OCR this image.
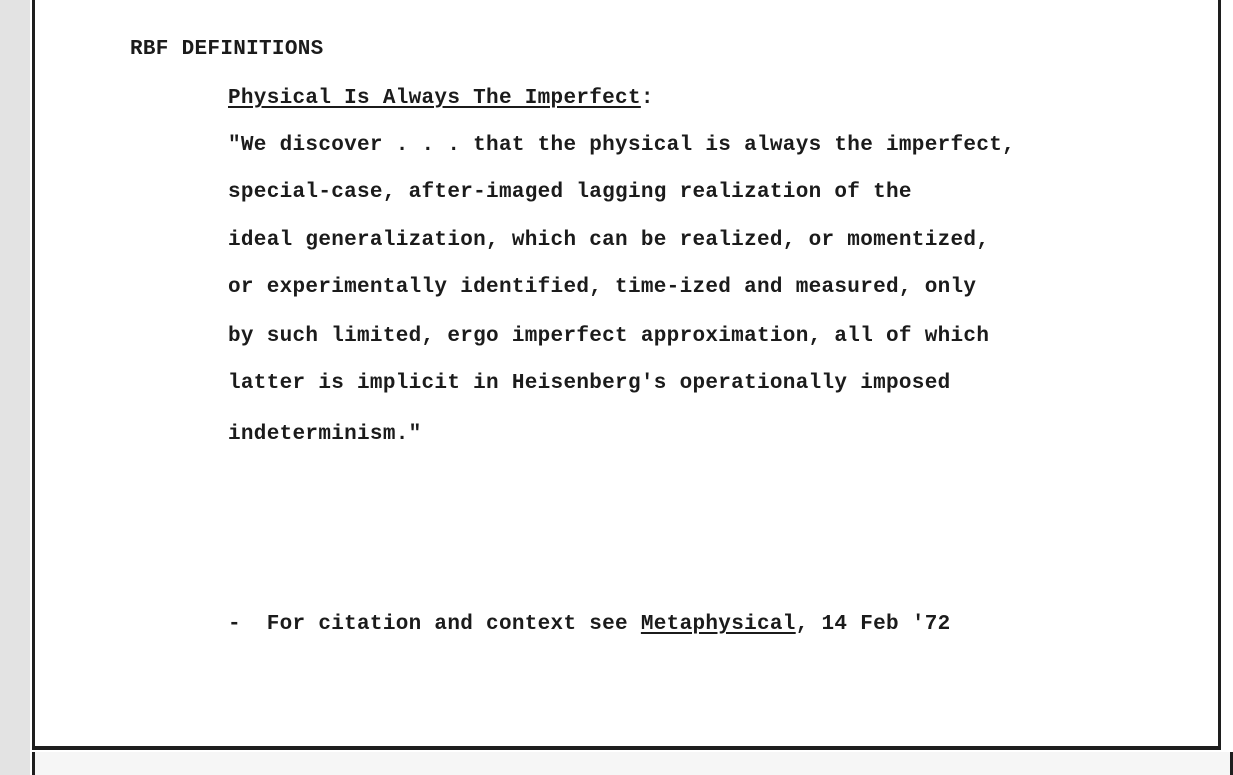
RBF DEFINITIONS
Physical Is Always The Imperfect:
"We discover . . . that the physical is always the imperfect,
special-case, after-imaged lagging realization of the
ideal generalization, which can be realized, or momentized,
or experimentally identified, time-ized and measured, only
by such limited, ergo imperfect approximation, all of which
latter is implicit in Heisenberg's operationally imposed
indeterminism."
-  For citation and context see Metaphysical, 14 Feb '72
